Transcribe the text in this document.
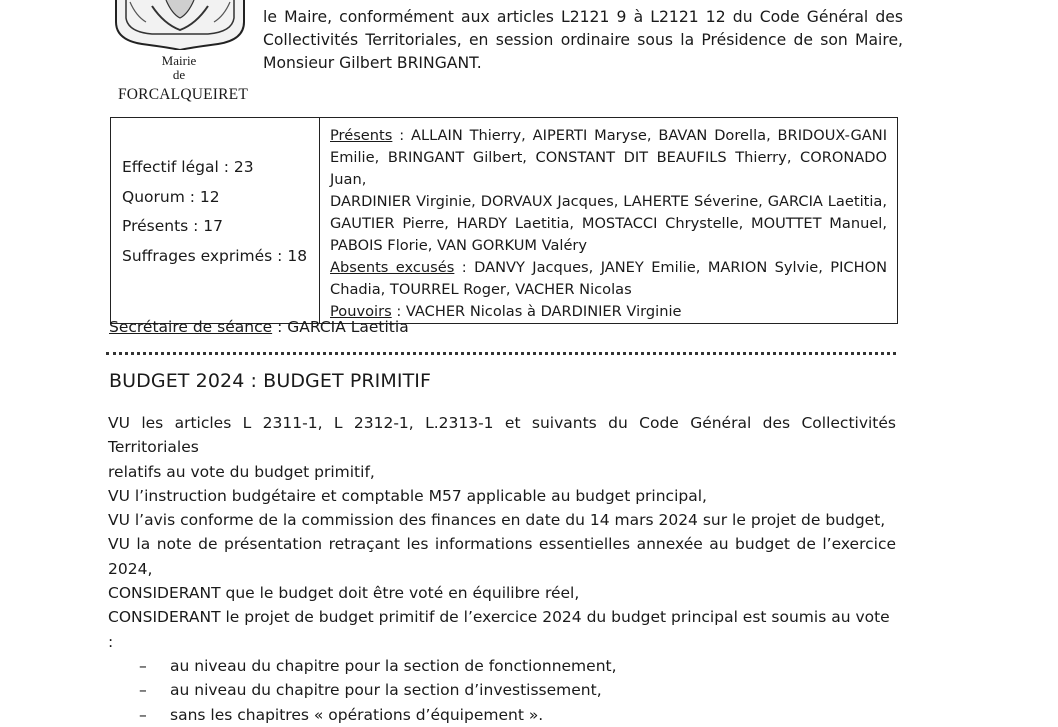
Mairie
de
FORCALQUEIRET
le Maire, conformément aux articles L2121 9 à L2121 12 du Code Général des
Collectivités Territoriales, en session ordinaire sous la Présidence de son Maire,
Monsieur Gilbert BRINGANT.
Effectif légal : 23
Quorum : 12
Présents : 17
Suffrages exprimés : 18

Présents : ALLAIN Thierry, AIPERTI Maryse, BAVAN Dorella, BRIDOUX-GANI
Emilie, BRINGANT Gilbert, CONSTANT DIT BEAUFILS Thierry, CORONADO Juan,
DARDINIER Virginie, DORVAUX Jacques, LAHERTE Séverine, GARCIA Laetitia,
GAUTIER Pierre, HARDY Laetitia, MOSTACCI Chrystelle, MOUTTET Manuel,
PABOIS Florie, VAN GORKUM Valéry
Absents excusés : DANVY Jacques, JANEY Emilie, MARION Sylvie, PICHON
Chadia, TOURREL Roger, VACHER Nicolas
Pouvoirs : VACHER Nicolas à DARDINIER Virginie
Secrétaire de séance : GARCIA Laetitia
BUDGET 2024 : BUDGET PRIMITIF
VU les articles L 2311-1, L 2312-1, L.2313-1 et suivants du Code Général des Collectivités Territoriales
relatifs au vote du budget primitif,
VU l’instruction budgétaire et comptable M57 applicable au budget principal,
VU l’avis conforme de la commission des finances en date du 14 mars 2024 sur le projet de budget,
VU la note de présentation retraçant les informations essentielles annexée au budget de l’exercice
2024,
CONSIDERANT que le budget doit être voté en équilibre réel,
CONSIDERANT le projet de budget primitif de l’exercice 2024 du budget principal est soumis au vote :
–	au niveau du chapitre pour la section de fonctionnement,
–	au niveau du chapitre pour la section d’investissement,
–	sans les chapitres « opérations d’équipement ».
